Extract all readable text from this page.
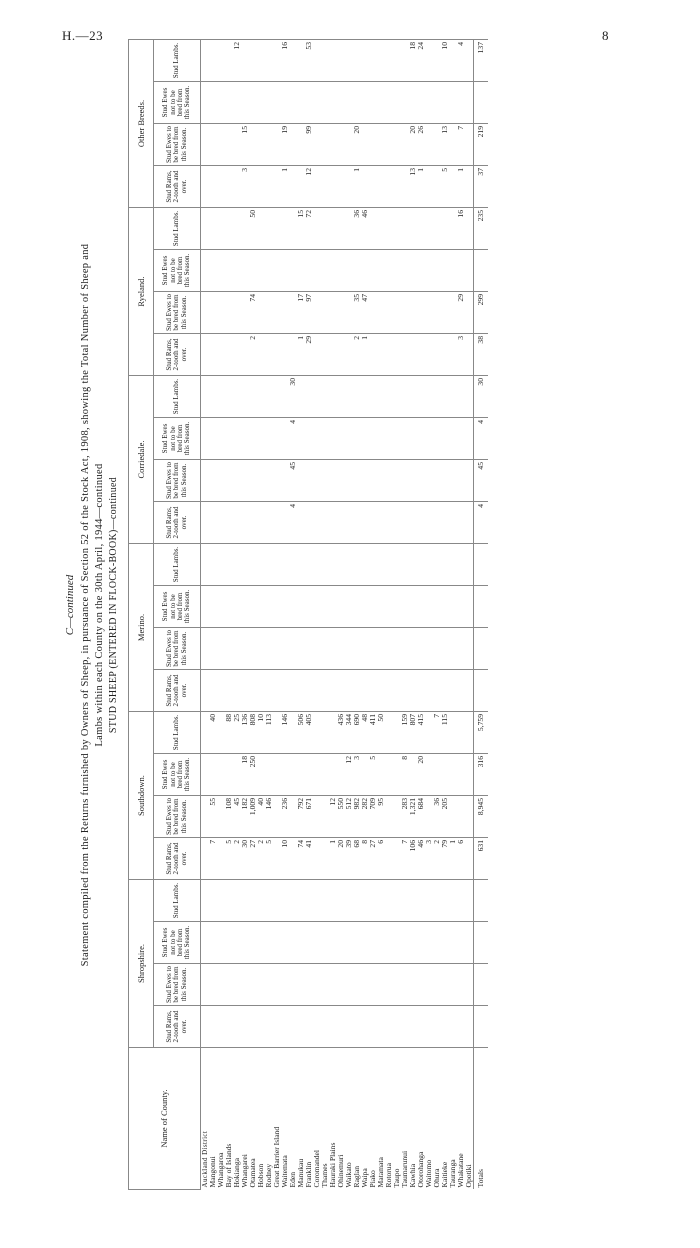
H.—23	8
C—continued Statement compiled from the Returns furnished by Owners of Sheep, in pursuance of Section 52 of the Stock Act, 1908, showing the Total Number of Sheep and Lambs within each County on the 30th April, 1944—continued STUD SHEEP (ENTERED IN FLOCK-BOOK)—continued
Name of County.	Shropshire.				Southdown.				Merino.				Corriedale.				Ryeland.				Other Breeds.			
	Stud Rams, 2-tooth and over.	Stud Ewes to be bred from this Season.	Stud Ewes not to be bred from this Season.	Stud Lambs.	Stud Rams, 2-tooth and over.	Stud Ewes to be bred from this Season.	Stud Ewes not to be bred from this Season.	Stud Lambs.	Stud Rams, 2-tooth and over.	Stud Ewes to be bred from this Season.	Stud Ewes not to be bred from this Season.	Stud Lambs.	Stud Rams, 2-tooth and over.	Stud Ewes to be bred from this Season.	Stud Ewes not to be bred from this Season.	Stud Lambs.	Stud Rams, 2-tooth and over.	Stud Ewes to be bred from this Season.	Stud Ewes not to be bred from this Season.	Stud Lambs.	Stud Rams, 2-tooth and over.	Stud Ewes to be bred from this Season.	Stud Ewes not to be bred from this Season.	Stud Lambs.
Auckland District																								
Mangonui					7	55		40																
Whangaroa																								
Bay of Islands					5	108		88																
Hokianga					2	45		25																12
Whangarei					30	182	18	136													3	15		
Otamatea					27	1,009	250	808									2	74		50				
Hobson					2	40		10																
Rodney					5	146		113																
Great Barrier Island																								
Waitemata					10	236		146													1	19		16
Eden													4	45	4	30								
Manukau					74	792		506									1	17		15				
Franklin					41	671		405									29	97		72	12	99		53
Coromandel																								
Thames																								
Hauraki Plains					1	12																		
Ohinemuri					20	550		436																
Waikato					39	512	12	344																
Raglan					68	982	3	690									2	35		36	1	20		
Waipa					8	282		48									1	47		46				
Piako					27	709	5	411																
Matamata					6	95		50																
Rotorua																								
Taupo																								
Taumarunui					7	283	8	159																
Kawhia					106	1,321		807													13	20		18
Otorohanga					46	684	20	415													1	26		24
Waitomo					3																			
Ohura					2	36		7																
Kaitieke					79	205		115													5	13		10
Tauranga					1																			
Whakatane					6												3	29		16	1	7		4
Opotiki																								
Totals					631	8,945	316	5,759					4	45	4	30	38	299		235	37	219		137
